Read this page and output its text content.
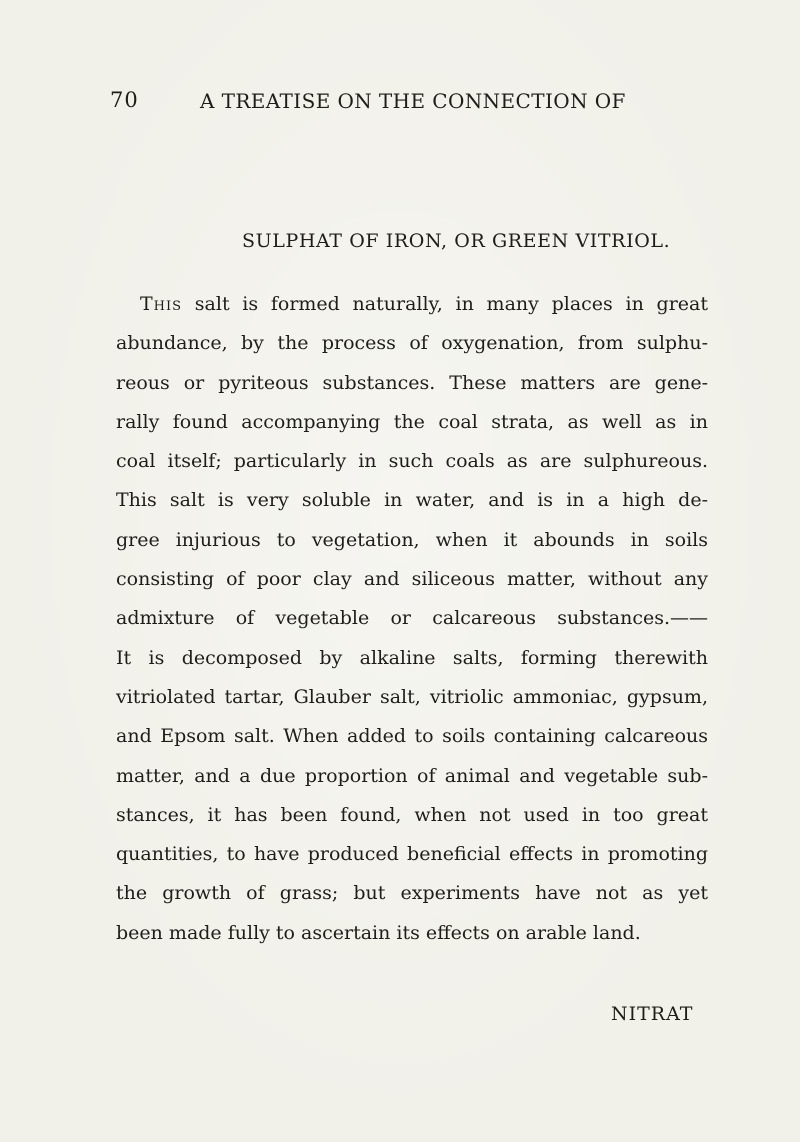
70	A TREATISE ON THE CONNECTION OF
SULPHAT OF IRON, OR GREEN VITRIOL.
This salt is formed naturally, in many places in great
abundance, by the process of oxygenation, from sulphu-
reous or pyriteous substances. These matters are gene-
rally found accompanying the coal strata, as well as in
coal itself; particularly in such coals as are sulphureous.
This salt is very soluble in water, and is in a high de-
gree injurious to vegetation, when it abounds in soils
consisting of poor clay and siliceous matter, without any
admixture of vegetable or calcareous substances.——
It is decomposed by alkaline salts, forming therewith
vitriolated tartar, Glauber salt, vitriolic ammoniac, gypsum,
and Epsom salt. When added to soils containing calcareous
matter, and a due proportion of animal and vegetable sub-
stances, it has been found, when not used in too great
quantities, to have produced beneficial effects in promoting
the growth of grass; but experiments have not as yet
been made fully to ascertain its effects on arable land.
NITRAT
